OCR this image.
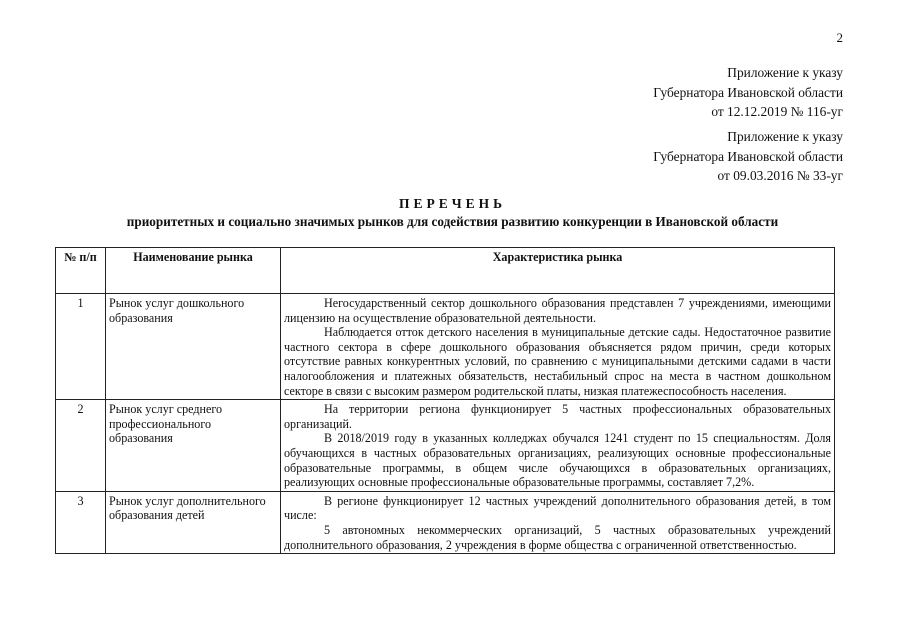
2
Приложение к указу
Губернатора Ивановской области
от 12.12.2019 № 116-уг
Приложение к указу
Губернатора Ивановской области
от 09.03.2016 № 33-уг
ПЕРЕЧЕНЬ
приоритетных и социально значимых рынков для содействия развитию конкуренции в Ивановской области
№ п/п	Наименование рынка	Характеристика рынка
1	Рынок услуг дошкольного образования	Негосударственный сектор дошкольного образования представлен 7 учреждениями, имеющими лицензию на осуществление образовательной деятельности.

Наблюдается отток детского населения в муниципальные детские сады. Недостаточное развитие частного сектора в сфере дошкольного образования объясняется рядом причин, среди которых отсутствие равных конкурентных условий, по сравнению с муниципальными детскими садами в части налогообложения и платежных обязательств, нестабильный спрос на места в частном дошкольном секторе в связи с высоким размером родительской платы, низкая платежеспособность населения.

2	Рынок услуг среднего профессионального образования	На территории региона функционирует 5 частных профессиональных образовательных организаций.

В 2018/2019 году в указанных колледжах обучался 1241 студент по 15 специальностям. Доля обучающихся в частных образовательных организациях, реализующих основные профессиональные образовательные программы, в общем числе обучающихся в образовательных организациях, реализующих основные профессиональные образовательные программы, составляет 7,2%.

3	Рынок услуг дополнительного образования детей	В регионе функционирует 12 частных учреждений дополнительного образования детей, в том числе:

5 автономных некоммерческих организаций, 5 частных образовательных учреждений дополнительного образования, 2 учреждения в форме общества с ограниченной ответственностью.
